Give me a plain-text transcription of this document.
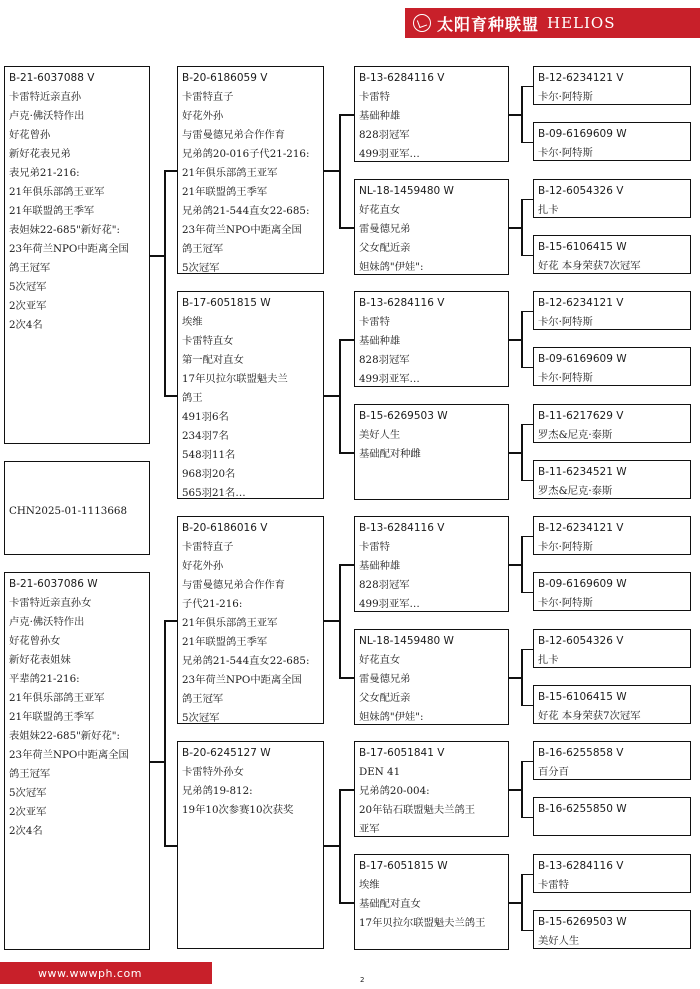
太阳育种联盟 HELIOS
B-21-6037088 V
卡雷特近亲直孙
卢克·佛沃特作出
好花曾孙
新好花表兄弟
表兄弟21-216:
21年俱乐部鸽王亚军
21年联盟鸽王季军
表妲妹22-685"新好花":
23年荷兰NPO中距离全国
鸽王冠军
5次冠军
2次亚军
2次4名

CHN2025-01-1113668
B-21-6037086 W
卡雷特近亲直孙女
卢克·佛沃特作出
好花曾孙女
新好花表姐妹
平辈鸽21-216:
21年俱乐部鸽王亚军
21年联盟鸽王季军
表姐妹22-685"新好花":
23年荷兰NPO中距离全国
鸽王冠军
5次冠军
2次亚军
2次4名
B-20-6186059 V
卡雷特直子
好花外孙
与雷曼德兄弟合作作育
兄弟鸽20-016子代21-216:
21年俱乐部鸽王亚军
21年联盟鸽王季军
兄弟鸽21-544直女22-685:
23年荷兰NPO中距离全国
鸽王冠军
5次冠军
B-17-6051815 W
埃维
卡雷特直女
第一配对直女
17年贝拉尔联盟魁夫兰
鸽王
491羽6名
234羽7名
548羽11名
968羽20名
565羽21名…
B-20-6186016 V
卡雷特直子
好花外孙
与雷曼德兄弟合作作育
子代21-216:
21年俱乐部鸽王亚军
21年联盟鸽王季军
兄弟鸽21-544直女22-685:
23年荷兰NPO中距离全国
鸽王冠军
5次冠军
B-20-6245127 W
卡雷特外孙女
兄弟鸽19-812:
19年10次参赛10次获奖
B-13-6284116 V
卡雷特
基础种雄
828羽冠军
499羽亚军…
NL-18-1459480 W
好花直女
雷曼德兄弟
父女配近亲
妲妹鸽"伊娃":
B-13-6284116 V
卡雷特
基础种雄
828羽冠军
499羽亚军…
B-15-6269503 W
美好人生
基础配对种雌
B-13-6284116 V
卡雷特
基础种雄
828羽冠军
499羽亚军…
NL-18-1459480 W
好花直女
雷曼德兄弟
父女配近亲
妲妹鸽"伊娃":
B-17-6051841 V
DEN 41
兄弟鸽20-004:
20年钻石联盟魁夫兰鸽王
亚军
B-17-6051815 W
埃维
基础配对直女
17年贝拉尔联盟魁夫兰鸽王
B-12-6234121 V
卡尔·阿特斯
B-09-6169609 W
卡尔·阿特斯
B-12-6054326 V
扎卡
B-15-6106415 W
好花 本身荣获7次冠军
B-12-6234121 V
卡尔·阿特斯
B-09-6169609 W
卡尔·阿特斯
B-11-6217629 V
罗杰&尼克·泰斯
B-11-6234521 W
罗杰&尼克·泰斯
B-12-6234121 V
卡尔·阿特斯
B-09-6169609 W
卡尔·阿特斯
B-12-6054326 V
扎卡
B-15-6106415 W
好花 本身荣获7次冠军
B-16-6255858 V
百分百
B-16-6255850 W
B-13-6284116 V
卡雷特
B-15-6269503 W
美好人生
www.wwwph.com
2
